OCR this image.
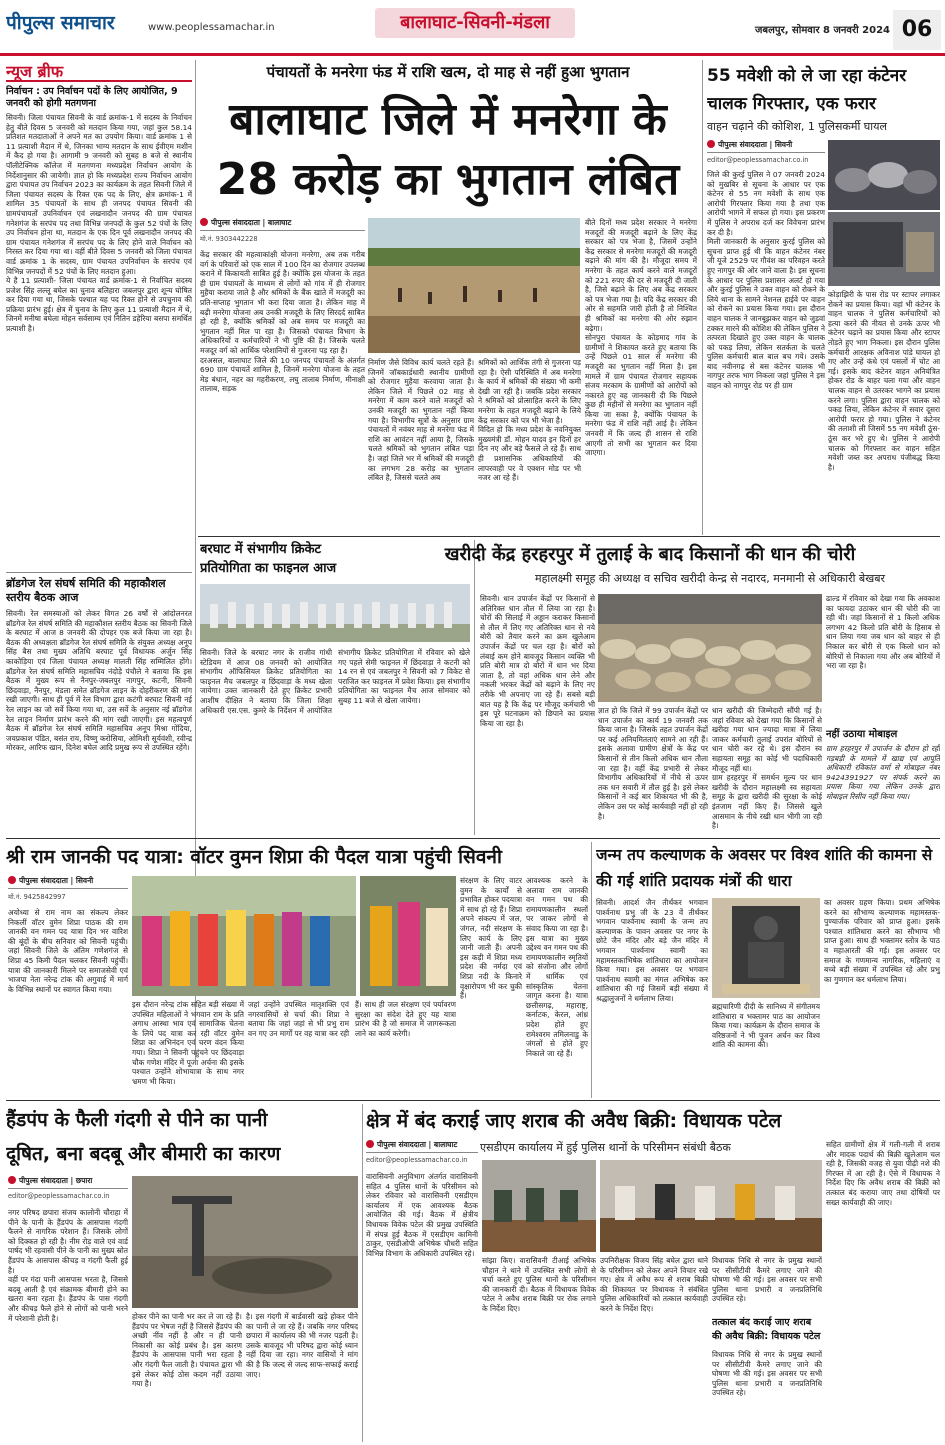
पीपुल्स समाचार	www.peoplessamachar.in	बालाघाट-सिवनी-मंडला	जबलपुर, सोमवार 8 जनवरी 2024 06
न्यूज ब्रीफ
निर्वाचन : उप निर्वाचन पदों के लिए आयोजित, 9 जनवरी को होगी मतगणना
सिवनी। जिला पंचायत सिवनी के वार्ड क्रमांक-1 में सदस्य के निर्वाचन हेतु बीते दिवस 5 जनवरी को मतदान किया गया, जहां कुल 58.14 प्रतिशत मतदाताओं ने अपने मत का उपयोग किया। वार्ड क्रमांक 1 से 11 प्रत्याशी मैदान में थे, जिनका भाग्य मतदान के साथ ईवीएम मशीन में कैद हो गया है। आगामी 9 जनवरी को सुबह 8 बजे से स्थानीय पॉलीटेक्निक कॉलेज में मतगणना मध्यप्रदेश निर्वाचन आयोग के निर्देशानुसार की जायेगी। ज्ञात हो कि मध्यप्रदेश राज्य निर्वाचन आयोग द्वारा पंचायत उप निर्वाचन 2023 का कार्यक्रम के तहत सिवनी जिले में जिला पंचायत सदस्य के रिक्त एक पद के लिए, क्षेत्र क्रमांक-1 में शामिल 35 पंचायतों के साथ ही जनपद पंचायत सिवनी की ग्रामपंचायतों उपनिर्वाचन एवं लखनादौन जनपद की ग्राम पंचायत गनेशगंज के सरपंच पद तथा विभिन्न जनपदों के कुल 52 पंचों के लिए उप निर्वाचन होना था, मतदान के एक दिन पूर्व लखनादौन जनपद की ग्राम पंचायत गनेशगंज में सरपंच पद के लिए होने वाले निर्वाचन को निरस्त कर दिया गया था। वहीं बीते दिवस 5 जनवरी को जिला पंचायत वार्ड क्रमांक 1 के सदस्य, ग्राम पंचायत उपनिर्वाचन के सरपंच एवं विभिन्न जनपदों में 52 पंचों के लिए मतदान हुआ।
ये है 11 प्रत्याशी- जिला पंचायत वार्ड क्रमांक-1 से निर्वाचित सदस्य प्रजेश सिंह लल्लू बघेल का चुनाव बलिहारा जबलपुर द्वारा शून्य घोषित कर दिया गया था, जिसके पश्चात यह पद रिक्त होने से उपचुनाव की प्रक्रिया प्रारंभ हुई। क्षेत्र में चुनाव के लिए कुल 11 प्रत्याशी मैदान में थे, जिनमें मनीषा बघेला मोहन सर्वसाम्य एवं नितिन डहेरिया बसपा समर्थित प्रत्याशी है।
ब्रॉडगेज रेल संघर्ष समिति की महाकौशल स्तरीय बैठक आज
सिवनी। रेल समस्याओं को लेकर विगत 26 वर्षों से आंदोलनरत ब्रॉडगेज रेल संघर्ष समिति की महाकौशल स्तरीय बैठक का सिवनी जिले के बरघाट में आज 8 जनवरी की दोपहर एक बजे किया जा रहा है। बैठक की अध्यक्षता ब्रॉडगेज रेल संघर्ष समिति के संयुक्त अध्यक्ष अनूप सिंह बैस तथा मुख्य अतिथि बरघाट पूर्व विधायक अर्जुन सिंह काकोड़िया एवं जिला पंचायत अध्यक्ष मालती सिंह सम्मिलित होंगे। ब्रॉडगेज रेल संघर्ष समिति महासचिव नंदोड़े पंचौले ने बताया कि इस बैठक में मुख्य रूप से नैनपुर-जबलपुर नागपुर, कटनी, सिवनी छिंदवाड़ा, नैनपुर, मंडला समेत ब्रॉडगेज लाइन के दोहरीकरण की मांग रखी जाएगी। साथ ही पूर्व में रेल विभाग द्वारा कटंगी बरघाट सिवनी नई रेल लाइन का जो सर्वे किया गया था, उस सर्वे के अनुसार नई ब्रॉडगेज रेल लाइन निर्माण प्रारंभ करने की मांग रखी जाएगी। इस महत्वपूर्ण बैठक में ब्रॉडगेज रेल संघर्ष समिति महासचिव अनूप मिश्रा गोंदिया, जयप्रकाश पंडित, बसंत राय, विष्णु करोसिया, ओमिशी सूर्यवंशी, रवीन्द्र मोरकर, आरिफ खान, दिनेश बघेल आदि प्रमुख रूप से उपस्थित रहेंगे।
पंचायतों के मनरेगा फंड में राशि खत्म, दो माह से नहीं हुआ भुगतान
बालाघाट जिले में मनरेगा के
28 करोड़ का भुगतान लंबित
पीपुल्स संवाददाता | बालाघाट
मो.नं. 9303442228
केंद्र सरकार की महत्वाकांक्षी योजना मनरेगा, अब तक गरीब वर्ग के परिवारों को एक साल में 100 दिन का रोजगार उपलब्ध कराने में किकायती साबित हुई है। क्योंकि इस योजना के तहत ही ग्राम पंचायतों के माध्यम से लोगों को गांव में ही रोजगार मुहैया कराया जाते है और श्रमिकों के बैंक खाते में मजदूरी का प्रति-सप्ताह भुगतान भी करा दिया जाता है। लेकिन माह में बढ़ी मनरेगा योजना अब उनकी मजदूरी के लिए सिरदर्द साबित हो रही है, क्योंकि श्रमिकों को अब समय पर मजदूरी का भुगतान नहीं मिल पा रहा है। जिसको पंचायत विभाग के अधिकारियों व कर्मचारियों ने भी पुष्टि की है। जिसके चलते मजदूर वर्ग को आर्थिक परेशानियों से गुजरना पड़ रहा है।
दरअसल, बालाघाट जिले की 10 जनपद पंचायतों के अंतर्गत 690 ग्राम पंचायतें शामिल है, जिनमें मनरेगा योजना के तहत मेड़ बंधान, नहर का गहरीकरण, लघु तालाब निर्माण, मीनाक्षी तालाब, सड़क
निर्माण जैसे विविध कार्य चलते रहते हैं। जिनमें जॉबकार्डधारी स्थानीय ग्रामीणों को रोजगार मुहैया करवाया जाता है। लेकिन जिले में पिछले 02 माह से मनरेगा में काम करने वाले मजदूरों को उनकी मजदूरी का भुगतान नहीं किया गया है। विभागीय सूत्रों के अनुसार ग्राम पंचायतों में नवंबर माह से मनरेगा फंड में राशि का आवंटन नहीं आया है, जिसके चलते श्रमिकों को भुगतान लंबित पड़ा है। जहां जिले भर में श्रमिकों की मजदूरी का लगभग 28 करोड़ का भुगतान लंबित है, जिससे चलते अब
श्रमिकों को आर्थिक तंगी से गुजरना पड़ रहा है। ऐसी परिस्थिति में अब मनरेगा के कार्य में श्रमिकों की संख्या भी कमी देखी जा रही है। जबकि प्रदेश सरकार ने श्रमिकों को प्रोत्साहित करने के लिए मनरेगा के तहत मजदूरी बढ़ाने के लिये केंद्र सरकार को पत्र भी भेजा है।
विदित हो कि मध्य प्रदेश के नवनियुक्त मुख्यमंत्री डॉ. मोहन यादव इन दिनों हर दिन नए और बड़े फैसले ले रहे हैं। साथ ही प्रशासनिक अधिकारियों की लापरवाही पर वे एक्शन मोड पर भी नजर आ रहे हैं।
बीते दिनों मध्य प्रदेश सरकार ने मनरेगा मजदूरों की मजदूरी बढ़ाने के लिए केंद्र सरकार को पत्र भेजा है, जिसमें उन्होंने केंद्र सरकार से मनरेगा मजदूरों की मजदूरी बढ़ाने की मांग की है। मौजूदा समय में मनरेगा के तहत कार्य करने वाले मजदूरों को 221 रुपए की दर से मजदूरी दी जाती है, जिसे बढ़ाने के लिए अब केंद्र सरकार को पत्र भेजा गया है। यदि केंद्र सरकार की ओर से सहमति जारी होती है तो निश्चित ही श्रमिकों का मनरेगा की ओर रुझान बढ़ेगा।
सोनपुरा पंचायत के कोड़माद गांव के ग्रामीणों ने शिकायत करते हुए बताया कि उन्हें पिछले 01 साल से मनरेगा की मजदूरी का भुगतान नहीं मिला है। इस मामले में ग्राम पंचायत रोजगार सहायक संजय मरकाम के ग्रामीणों को आरोपों को नकारते हुए वह जानकारी दी कि पिछले कुछ ही महीनों से मनरेगा का भुगतान नहीं किया जा सका है, क्योंकि पंचायत के मनरेगा फंड में राशि नहीं आई है। लेकिन जनवरी में कि जल्द ही शासन से राशि आएगी तो सभी का भुगतान कर दिया जाएगा।
55 मवेशी को ले जा रहा कंटेनर
चालक गिरफ्तार, एक फरार
वाहन चढ़ाने की कोशिश, 1 पुलिसकर्मी घायल
पीपुल्स संवाददाता | सिवनी
editor@peoplessamachar.co.in
जिले की कुरई पुलिस ने 07 जनवरी 2024 को मुखबिर से सूचना के आधार पर एक कंटेनर से 55 नग मवेशी के साथ एक आरोपी गिरफ्तार किया गया है तथा एक आरोपी भागने में सफल हो गया। इस प्रकरण में पुलिस ने अपराध दर्ज कर विवेचना प्रारंभ कर दी है।
मिली जानकारी के अनुसार कुरई पुलिस को सूचना प्राप्त हुई थी कि वाहन कंटेनर नंबर जी यूजे 2529 पर गौवंश का परिवहन करते हुए नागपुर की ओर जाने वाला है। इस सूचना के आधार पर पुलिस प्रशासन अलर्ट हो गया और कुरई पुलिस ने उक्त वाहन को रोकने के लिये थाना के सामने नेशनल हाईवे पर वाहन को रोकने का प्रयास किया गया। इस दौरान वाहन चालक ने जानबूझकर वाहन को जुड़वां टक्कर मारने की कोशिश की लेकिन पुलिस ने तत्परता दिखाते हुए उक्त वाहन के चालक को पकड़ लिया, लेकिन सतर्कता के चलते पुलिस कर्मचारी बाल बाल बच गये। उसके बाद नवीनगढ़ से बस कंटेनर चालक भी नागपुर तरफ भाग निकला जहां पुलिस ने इस वाहन को नागपुर रोड पर ही ग्राम
कोड़ाझिरी के पास रोड पर स्टापर लगाकर रोकने का प्रयास किया। वहां भी कंटेनर के वाहन चालक ने पुलिस कर्मचारियों को हत्या करने की नीयत से उनके ऊपर भी कंटेनर चढ़ाने का प्रयास किया और स्टापर तोड़ते हुए भाग निकला। इस दौरान पुलिस कर्मचारी आरक्षक अविनाश पांडे घायल हो गए और उन्हें कंधे एवं पसलों में चोट आ गई। इसके बाद कंटेनर वाहन अनियंत्रित होकर रोड के बाहर चला गया और वाहन चालक वाहन से उतरकर भागने का प्रयास करने लगा। पुलिस द्वारा वाहन चालक को पकड़ लिया, लेकिन कंटेनर में सवार दूसरा आरोपी फरार हो गया। पुलिस ने कंटेनर की तलाशी ली जिसमें 55 नग मवेशी ठूंस-ठूंस कर भरे हुए थे। पुलिस ने आरोपी चालक को गिरफ्तार कर वाहन सहित मवेशी जब्त कर अपराध पंजीबद्ध किया है।
बरघाट में संभागीय क्रिकेट प्रतियोगिता का फाइनल आज
सिवनी। जिले के बरघाट नगर के राजीव गांधी स्टेडियम में आज 08 जनवरी को आयोजित संभागीय ऑफिसियल क्रिकेट प्रतियोगिता का फाइनल मैच जबलपुर व छिंदवाड़ा के मध्य खेला जायेगा। उक्त जानकारी देते हुए क्रिकेट प्रभारी आशीष दीक्षित ने बताया कि जिला शिक्षा अधिकारी एस.एस. कुमरे के निर्देशन में आयोजित संभागीय क्रिकेट प्रतियोगिता में रविवार को खेले गए पहले सेमी फाइनल में छिंदवाड़ा ने कटनी को 14 रन से एवं जबलपुर ने सिवनी को 7 विकेट से पराजित कर फाइनल में प्रवेश किया। इस संभागीय प्रतियोगिता का फाइनल मैच आज सोमवार को सुबह 11 बजे से खेला जायेगा।
खरीदी केंद्र हरहरपुर में तुलाई के बाद किसानों की धान की चोरी
महालक्ष्मी समूह की अध्यक्ष व सचिव खरीदी केन्द्र से नदारद, मनमानी से अधिकारी बेखबर
सिवनी। धान उपार्जन केंद्रों पर किसानों से अतिरिक्त धान तौल में लिया जा रहा है। चोरों की सिलाई में अड्डान कराकर किसानों से तौल में लिए गए अतिरिक्त धान से नये बोरी को तैयार करने का क्रम खुलेआम उपार्जन केंद्रों पर चल रहा है। बोरों को लंबाई कम होने बावजूद किसान व्यक्ति भी प्रति बोरी मात्र दो बोरों में धान भर दिया जाता है, तो वहां अधिक धान लेने और नकली भरकर केंद्रों को बढ़ाने के लिए नए तरीके भी अपनाए जा रहे हैं। सबसे बड़ी बात यह है कि केंद्र पर मौजूद कर्मचारी भी इस पूरे घटनाक्रम को छिपाने का प्रयास किया जा रहा है।
ज्ञात हो कि जिले में 99 उपार्जन केंद्रों पर धान उपार्जन का कार्य 19 जनवरी तक किया जाना है। जिसके तहत उपार्जन केंद्रों पर कई अनियमितताएं सामने आ रही हैं। इसके अलावा ग्रामीण क्षेत्रों के केंद्र पर किसानों से तीन किलो अधिक धान तौला जा रहा है। वहीं केंद्र प्रभारी से लेकर विभागीय अधिकारियों में नीचे से ऊपर तक धन सवारी में तौल हुई है। इसे लेकर किसानों ने कई बार शिकायत भी की है, लेकिन उस पर कोई कार्यवाही नहीं हो रही है।
धान खरीदी की जिम्मेदारी सौंपी गई है। जहां रविवार को देखा गया कि किसानों से खरीदा गया धान ज्यादा मात्रा में लिया जाकर कर्मचारी तुलाई उपरांत बोरियों से धान चोरी कर रहे थे। इस दौरान स्व सहायता समूह का कोई भी पदाधिकारी मौजूद नहीं था।
ग्राम हरहरपुर में समर्थन मूल्य पर धान खरीदी के दौरान महालक्ष्मी स्व सहायता समूह के द्वारा खरीदी की सुरक्षा के कोई इंतजाम नहीं किए हैं। जिससे खुले आसमान के नीचे रखी धान भीगी जा रही है।
ढाल्ड में रविवार को देखा गया कि अवकाश का फायदा उठाकर धान की चोरी की जा रही थी। जहां किसानों से 1 किलो अधिक लगभग 42 किलो प्रति बोरी के हिसाब से धान लिया गया जब धान को बाहर से ही निकाल कर बोरी से एक किलो धान को बोरियों से निकाला गया और अब बोरियों में भरा जा रहा है।
नहीं उठाया मोबाइल
ग्राम हरहरपुर में उपार्जन के दौरान हो रही गड़बड़ी के मामले में खाद्य एवं आपूर्ति अधिकारी रविकांत वर्मा से मोबाइल नंबर 9424391927 पर संपर्क करने का प्रयास किया गया लेकिन उनके द्वारा मोबाइल रिसीव नहीं किया गया।
श्री राम जानकी पद यात्रा: वॉटर वुमन शिप्रा की पैदल यात्रा पहुंची सिवनी
पीपुल्स संवाददाता | सिवनी
मो.नं. 9425842997
अयोध्या से राम नाम का संकल्प लेकर निकलीं वॉटर वुमेन शिप्रा पाठक की राम जानकी वन गमन पद यात्रा दिन भर वारिश की बूंदों के बीच सनिवार को सिवनी पहुंची। जहां सिवनी जिले के अंतिम गणेशगंज से शिप्रा 45 किमी पैदल चलकर सिवनी पहुंचीं। यात्रा की जानकारी मिलने पर समाजसेवी एवं भाजपा नेता नरेन्द्र टांक की अगुवाई में मार्ग के विभिन्न स्थानों पर स्वागत किया गया।
इस दौरान नरेन्द्र टांक सहित बड़ी संख्या में उपस्थित महिलाओं ने भगवान राम के प्रति अगाध आस्था भाव एवं सामाजिक चेतना के लिये पद यात्रा कर रही वॉटर वुमेन शिप्रा का अभिनंदन एवं चरण वंदन किया गया। शिप्रा ने सिवनी पहुंचने पर छिंदवाड़ा चौक गणेश मंदिर में पूजा अर्चना की इसके पश्चात उन्होंने शोभायात्रा के साथ नगर भ्रमण भी किया।
जहां उन्होंने उपस्थित मातृशक्ति एवं नगरवासियों से चर्चा की। शिप्रा ने बताया कि जहां जहां से भी प्रभु राम वन गए उन मार्गों पर वह यात्रा कर रही हैं। साथ ही जल संरक्षण एवं पर्यावरण सुरक्षा का संदेश देते हुए यह यात्रा प्रारंभ की है जो समाज में जागरूकता लाने का कार्य करेगी।
संरक्षण के लिए वाटर वुमन के कार्यों से प्रभावित होकर पदयात्रा में साथ हो रहे हैं। शिप्रा अपने संकल्प में जल, जंगल, नदी संरक्षण के लिए कार्य के लिए जानी जाती हैं। अपनी इस कड़ी में शिप्रा मध्य प्रदेश की नर्मदा एवं शिप्रा नदी के किनारे वृक्षारोपण भी कर चुकी हैं।
आवश्यक करने के अलावा राम जानकी वन गमन पथ की रामायणकालीन स्थलों पर जाकर लोगों से संवाद किया जा रहा है। इस यात्रा का मुख्य उद्देश्य वन गमन पथ की रामायणकालीन स्मृतियों को संजोना और लोगों में धार्मिक एवं सांस्कृतिक चेतना जागृत करना है। यात्रा छत्तीसगढ़, महाराष्ट्र, कर्नाटक, केरल, आंध्र प्रदेश होते हुए रामेश्वरम तमिलनाडु के जंगलों से होते हुए निकाले जा रहे हैं।
जन्म तप कल्याणक के अवसर पर विश्व शांति की कामना से की गई शांति प्रदायक मंत्रों की धारा
सिवनी। आदर्श जैन तीर्थंकर भगवान पार्श्वनाथ प्रभु जी के 23 वें तीर्थंकर भगवान पार्श्वनाथ स्वामी के जन्म तप कल्याणक के पावन अवसर पर नगर के छोटे जैन मंदिर और बड़े जैन मंदिर में भगवान पार्श्वनाथ स्वामी का महामस्तकाभिषेक शांतिधारा का आयोजन किया गया। इस अवसर पर भगवान पार्श्वनाथ स्वामी का मंगल अभिषेक कर शांतिधारा की गई जिसमें बड़ी संख्या में श्रद्धालुजनों ने धर्मलाभ लिया।
ब्रह्मचारिणी दीदी के सानिध्य में संगीतमय शांतिधारा व भक्तामर पाठ का आयोजन किया गया। कार्यक्रम के दौरान समाज के वरिष्ठजनों ने भी पूजन अर्चन कर विश्व शांति की कामना की।
का अवसर ग्रहण किया। प्रथम अभिषेक करने का सौभाग्य कल्याणक महामस्तक-पुण्यार्जक परिवार को प्राप्त हुआ। इसके पश्चात शांतिधारा करने का सौभाग्य भी प्राप्त हुआ। साथ ही भक्तामर स्तोत्र के पाठ व महाआरती की गई। इस अवसर पर समाज के गणमान्य नागरिक, महिलाएं व बच्चे बड़ी संख्या में उपस्थित रहे और प्रभु का गुणगान कर धर्मलाभ लिया।
हैंडपंप के फैली गंदगी से पीने का पानी
दूषित, बना बदबू और बीमारी का कारण
पीपुल्स संवाददाता | छपारा
editor@peoplessamachar.co.in
नगर परिषद छपारा संजय कालोनी चौराहा में पीने के पानी के हैंडपंप के आसपास गंदगी फैलने से नागरिक परेशान हैं। जिसके लोगों को दिक्कत हो रही है। नीम रोड़ वाले एवं वार्ड पार्षद भी रहवासी पीने के पानी का मुख्य स्रोत हैंडपंप के आसपास कीचड़ व गंदगी फैली हुई है।
वहीं पर गंदा पानी आसपास भरता है, जिससे बदबू आती है एवं संक्रामक बीमारी होने का खतरा बना रहता है। हैंडपंप के पास गंदगी और कीचड़ फैले होने से लोगों को पानी भरने में परेशानी होती है।	होकर पीने का पानी भर कर ले जा रहे हैं। हैंडपंप पर भेषज नहीं है जिससे हैंडपंप की अच्छी नींव नहीं है और न ही पानी निकासी का कोई प्रबंध है। इस कारण हैंडपंप के आसपास पानी भरा रहता है और गंदगी फैल जाती है। पंचायत द्वारा भी इसे लेकर कोई ठोस कदम नहीं उठाया गया है।
है। इस गंदगी में बार्डवासी खड़े होकर पीने का पानी ले जा रहे हैं। जबकि नगर परिषद छपारा में कार्यालय की भी नजर पड़ती है। उसके बावजूद भी परिषद द्वारा कोई ध्यान नहीं दिया जा रहा। नगर वासियों ने मांग की है कि जल्द से जल्द साफ-सफाई कराई जाए।
क्षेत्र में बंद कराई जाए शराब की अवैध बिक्री: विधायक पटेल
एसडीएम कार्यालय में हुई पुलिस थानों के परिसीमन संबंधी बैठक
पीपुल्स संवाददाता | बालाघाट
editor@peoplessamachar.co.in
वारासिवनी अनुविभाग अंतर्गत वारासिवनी सहित 4 पुलिस थानों के परिसीमन को लेकर रविवार को वारासिवनी एसडीएम कार्यालय में एक आवश्यक बैठक आयोजित की गई। बैठक में क्षेत्रीय विधायक विवेक पटेल की प्रमुख उपस्थिति में संपन्न हुई बैठक में एसडीएम कामिनी ठाकुर, एसडीओपी अभिषेक चौधरी सहित विभिन्न विभाग के अधिकारी उपस्थित रहे।
सांझा किए। वारासिवनी टीआई अभिषेक चौहान ने थाने में उपस्थित सभी लोगों से चर्चा करते हुए पुलिस थानों के परिसीमन की जानकारी दी। बैठक में विधायक विवेक पटेल ने अवैध शराब बिक्री पर रोक लगाने के निर्देश दिए।
उपनिरीक्षक विजय सिंह बघेल द्वारा थाने के परिसीमन को लेकर अपने विचार रखे गए। क्षेत्र में अवैध रूप से शराब बिक्री की शिकायत पर विधायक ने संबंधित पुलिस अधिकारियों को तत्काल कार्यवाही करने के निर्देश दिए।
विधायक निधि से नगर के प्रमुख स्थानों पर सीसीटीवी कैमरे लगाए जाने की घोषणा भी की गई। इस अवसर पर सभी पुलिस थाना प्रभारी व जनप्रतिनिधि उपस्थित रहे।
तत्काल बंद कराई जाए शराब की अवैध बिक्री: विधायक पटेल
विधायक निधि से नगर के प्रमुख स्थानों पर सीसीटीवी कैमरे लगाए जाने की घोषणा भी की गई। इस अवसर पर सभी पुलिस थाना प्रभारी व जनप्रतिनिधि उपस्थित रहे।
सहित ग्रामीणों क्षेत्र में गली-गली में शराब और मादक पदार्थ की बिक्री खुलेआम चल रही है, जिसकी वजह से युवा पीढ़ी नशे की गिरफ्त में आ रही है। ऐसे में विधायक ने निर्देश दिए कि अवैध शराब की बिक्री को तत्काल बंद कराया जाए तथा दोषियों पर सख्त कार्यवाही की जाए।
